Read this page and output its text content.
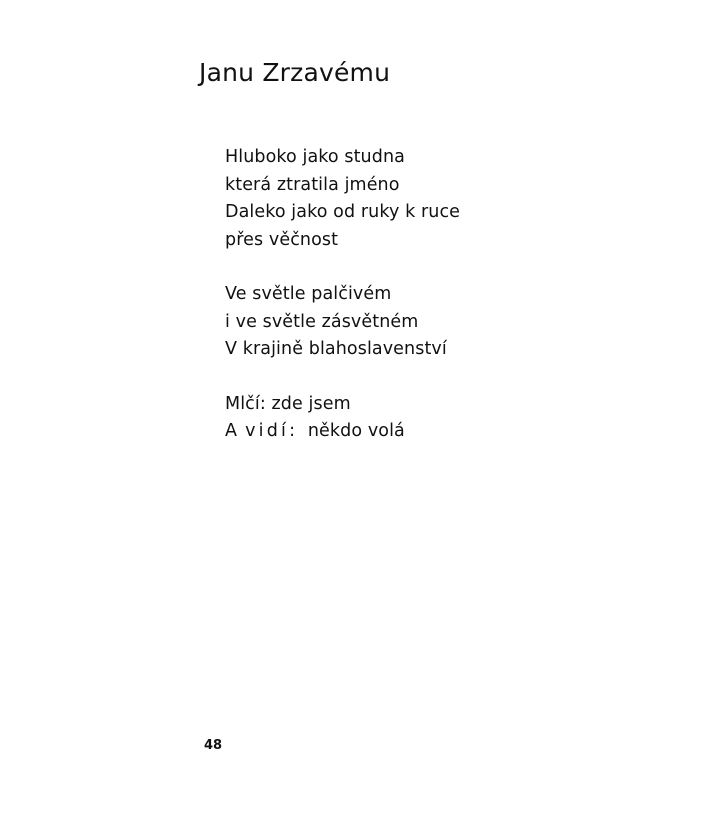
Janu Zrzavému
Hluboko jako studna
která ztratila jméno
Daleko jako od ruky k ruce
přes věčnost
Ve světle palčivém
i ve světle zásvětném
V krajině blahoslavenství
Mlčí: zde jsem
A vidí: někdo volá
48
